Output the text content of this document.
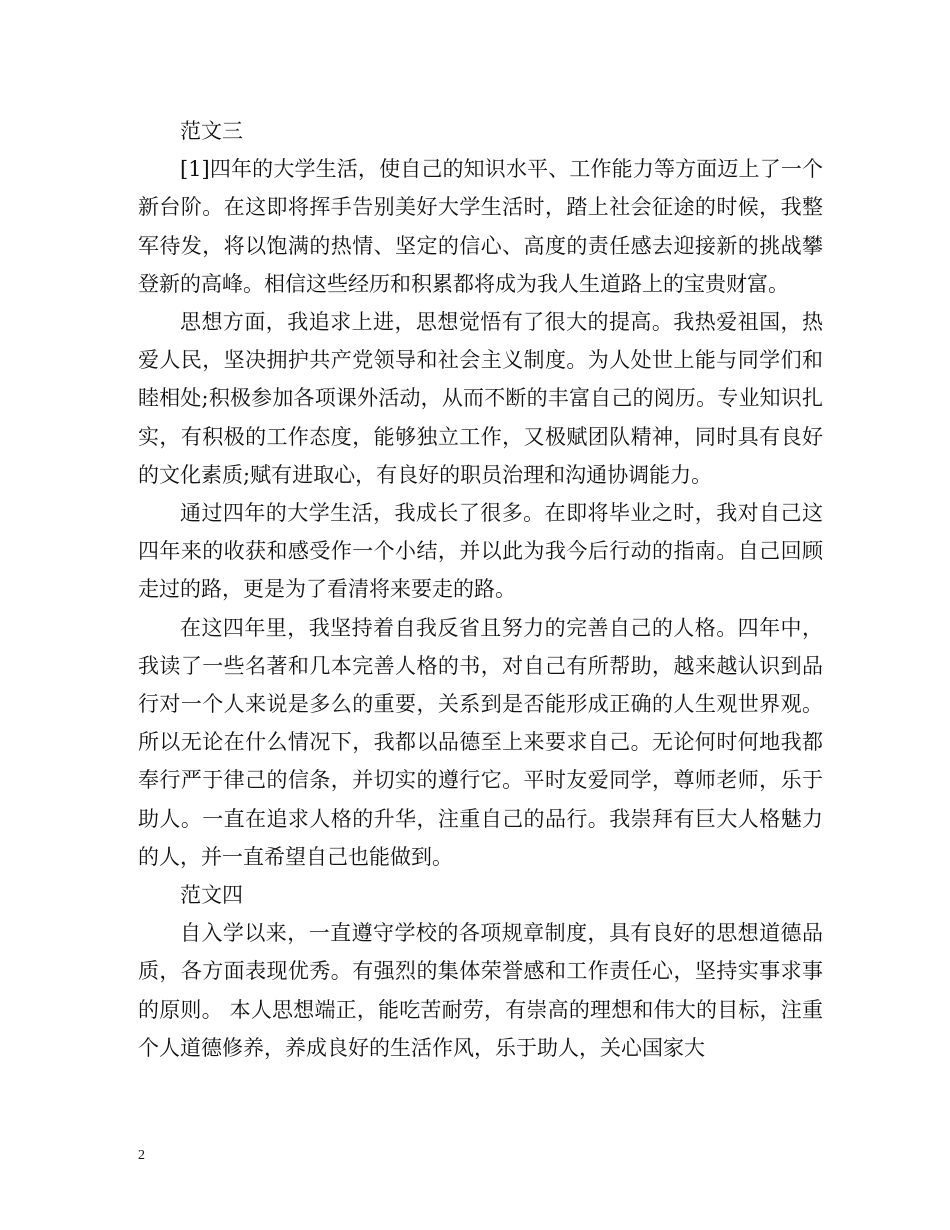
范文三

[1]四年的大学生活，使自己的知识水平、工作能力等方面迈上了一个新台阶。在这即将挥手告别美好大学生活时，踏上社会征途的时候，我整军待发，将以饱满的热情、坚定的信心、高度的责任感去迎接新的挑战攀登新的高峰。相信这些经历和积累都将成为我人生道路上的宝贵财富。

思想方面，我追求上进，思想觉悟有了很大的提高。我热爱祖国，热爱人民，坚决拥护共产党领导和社会主义制度。为人处世上能与同学们和睦相处;积极参加各项课外活动，从而不断的丰富自己的阅历。专业知识扎实，有积极的工作态度，能够独立工作，又极赋团队精神，同时具有良好的文化素质;赋有进取心，有良好的职员治理和沟通协调能力。

通过四年的大学生活，我成长了很多。在即将毕业之时，我对自己这四年来的收获和感受作一个小结，并以此为我今后行动的指南。自己回顾走过的路，更是为了看清将来要走的路。

在这四年里，我坚持着自我反省且努力的完善自己的人格。四年中，我读了一些名著和几本完善人格的书，对自己有所帮助，越来越认识到品行对一个人来说是多么的重要，关系到是否能形成正确的人生观世界观。所以无论在什么情况下，我都以品德至上来要求自己。无论何时何地我都奉行严于律己的信条，并切实的遵行它。平时友爱同学，尊师老师，乐于助人。一直在追求人格的升华，注重自己的品行。我崇拜有巨大人格魅力的人，并一直希望自己也能做到。

范文四

自入学以来，一直遵守学校的各项规章制度，具有良好的思想道德品质，各方面表现优秀。有强烈的集体荣誉感和工作责任心，坚持实事求事的原则。 本人思想端正，能吃苦耐劳，有崇高的理想和伟大的目标，注重个人道德修养，养成良好的生活作风，乐于助人，关心国家大

2
